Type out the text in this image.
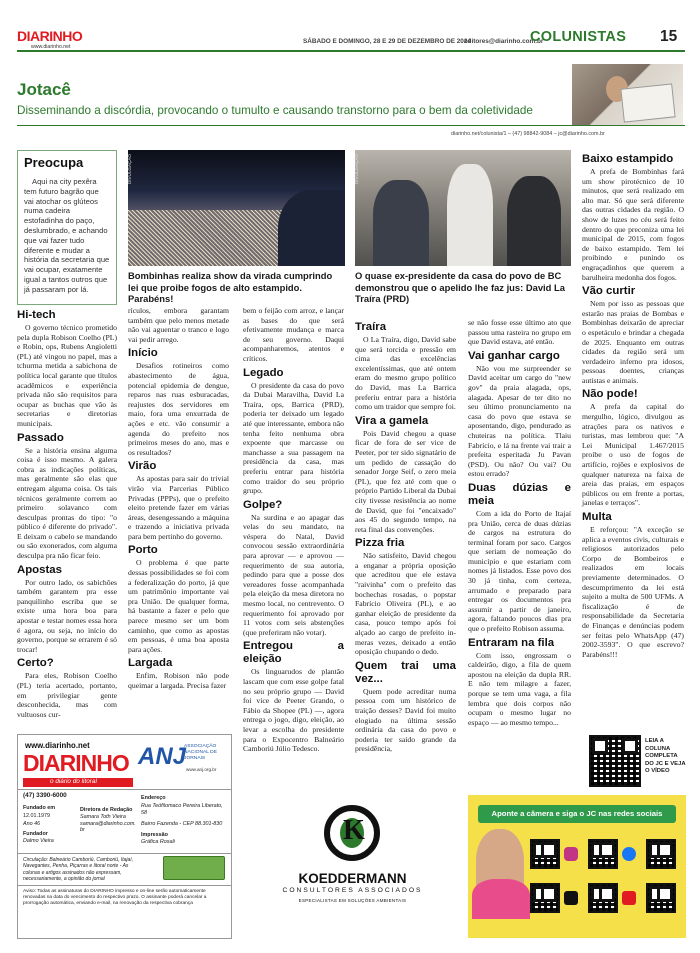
DIARINHO
www.diarinho.net
SÁBADO E DOMINGO, 28 E 29 DE DEZEMBRO DE 2024
editores@diarinho.com.br
COLUNISTAS 15
Jotacê
Disseminando a discórdia, provocando o tumulto e causando transtorno para o bem da coletividade
diarinho.net/colunista/1 – (47) 98842-9084 – jc@diarinho.com.br
Preocupa
Aqui na city pexêra tem futuro bagrão que vai atochar os glúteos numa cadeira estofadinha do paço, deslumbrado, e achando que vai fazer tudo diferente e mudar a história da secretaria que vai ocupar, exatamente igual a tantos outros que já passaram por lá.
DIVULGAÇÃO
Bombinhas realiza show da virada cumprindo lei que proibe fogos de alto estampido. Parabéns!
DIVULGAÇÃO
O quase ex-presidente da casa do povo de BC demonstrou que o apelido lhe faz jus: David La Traíra (PRD)
Hi-tech

O governo técnico prometido pela dupla Robison Coelho (PL) e Robin, ops, Rubens Angioletti (PL) até vingou no papel, mas a tchurma metida a sabichona de política local garante que títulos acadêmicos e experiência privada não são requisitos para ocupar as buchas que vão às secretarias e diretorias municipais.

Passado

Se a história ensina alguma coisa é isso mesmo. A galera cobra as indicações políticas, mas geralmente são elas que entregam alguma coisa. Os tais técnicos geralmente correm ao primeiro solavanco com desculpas prontas do tipo: "o público é diferente do privado". E deixam o cabelo se mandando ou são exonerados, com alguma desculpa pra não ficar feio.

Apostas

Por outro lado, os sabichões também garantem pra esse panquilinho escriba que se existe uma hora boa para apostar e testar nomes essa hora é agora, ou seja, no início do governo, porque se errarem é só trocar!

Certo?

Para eles, Robison Coelho (PL) teria acertado, portanto, em privilegiar gente desconhecida, mas com vultuosos cur-

rículos, embora garantam também que pelo menos metade não vai aguentar o tranco e logo vai pedir arrego.

Início

Desafios rotineiros como abastecimento de água, potencial epidemia de dengue, reparos nas ruas esburacadas, reajustes dos servidores em maio, fora uma enxurrada de ações e etc. vão consumir a agenda do prefeito nos primeiros meses do ano, mas e os resultados?

Virão

As apostas para sair do trivial virão via Parcerias Público Privadas (PPPs), que o prefeito eleito pretende fazer em várias áreas, desengessando a máquina e trazendo a iniciativa privada para bem pertinho do governo.

Porto

O problema é que parte dessas possibilidades se foi com a federalização do porto, já que um patrimônio importante vai pra União. De qualquer forma, há bastante a fazer e pelo que parece mesmo ser um bom caminho, que como as apostas em pessoas, é uma boa aposta para ações.

Largada

Enfim, Robison não pode queimar a largada. Precisa fazer

bem o feijão com arroz, e lançar as bases do que será efetivamente mudança e marca de seu governo. Daqui acompanharemos, atentos e críticos.

Legado

O presidente da casa do povo da Dubai Maravilha, David La Traíra, ops, Barrica (PRD), poderia ter deixado um legado até que interessante, embora não tenha feito nenhuma obra expoente que marcasse ou manchasse a sua passagem na presidência da casa, mas preferiu entrar para história como traidor do seu próprio grupo.

Golpe?

Na surdina e ao apagar das velas do seu mandato, na véspera do Natal, David convocou sessão extraordinária para aprovar — e aprovou — requerimento de sua autoria, pedindo para que a posse dos vereadores fosse acompanhada pela eleição da mesa diretora no mesmo local, no centrevento. O requerimento foi aprovado por 11 votos com seis abstenções (que preferiram não votar).

Entregou a eleição

Os linguarudos de plantão lascam que com esse golpe fatal no seu próprio grupo — David foi vice de Peeter Grando, o Fábio da Shopee (PL) —, agora entrega o jogo, digo, eleição, ao levar a escolha do presidente para o Expocentro Balneário Camboriú Júlio Tedesco.

Traíra

O La Traíra, digo, David sabe que será torcida e pressão em cima das excelências excelentíssimas, que até ontem eram do mesmo grupo político do David, mas La Barrica preferiu entrar para a história como um traidor que sempre foi.

Vira a gamela

Pois David chegou a quase ficar de fora de ser vice de Peeter, por ter sido signatário de um pedido de cassação do senador Jorge Seif, o zero meia (PL), que fez até com que o próprio Partido Liberal da Dubai city tivesse resistência ao nome de David, que foi "encaixado" aos 45 do segundo tempo, na reta final das convenções.

Pizza fria

Não satisfeito, David chegou a enganar a própria oposição que acreditou que ele estava "raivinha" com o prefeito das bochechas rosadas, o popstar Fabrício Oliveira (PL), e ao ganhar eleição de presidente da casa, pouco tempo após foi alçado ao cargo de prefeito in-meras vezes, deixado a então oposição chupando o dedo.

Quem trai uma vez...

Quem pode acreditar numa pessoa com um histórico de traição desses? David foi muito elogiado na última sessão ordinária da casa do povo e poderia ter saído grande da presidência,

se não fosse esse último ato que passou uma rasteira no grupo em que David estava, até então.

Vai ganhar cargo

Não vou me surpreender se David aceitar um cargo do "new gov" da praia alagada, ops, alagada. Apesar de ter dito no seu último pronunciamento na casa do povo que estava se aposentando, digo, pendurado as chuteiras na política. Tlaiu Fabrício, e lá na frente vai trair a prefeita esperitada Ju Pavan (PSD). Ou não? Ou vai? Ou estou errado?

Duas dúzias e meia

Com a ida do Porto de Itajaí pra União, cerca de duas dúzias de cargos na estrutura do terminal foram por saco. Cargos que seriam de nomeação do município e que estariam com nomes já listados. Esse povo dos 30 já tinha, com certeza, arrumado e preparado para entregar os documentos pra assumir a partir de janeiro, agora, faltando poucos dias pra que o prefeito Robison assuma.

Entraram na fila

Com isso, engrossam o caldeirão, digo, a fila de quem apostou na eleição da dupla RR. E não tem milagre a fazer, porque se tem uma vaga, a fila lembra que dois corpos não ocupam o mesmo lugar no espaço — ao mesmo tempo...

Baixo estampido

A prefa de Bombinhas fará um show pirotécnico de 10 minutos, que será realizado em alto mar. Só que será diferente das outras cidades da região. O show de luzes no céu será feito dentro do que preconiza uma lei municipal de 2015, com fogos de baixo estampido. Tem lei proibindo e punindo os engraçadinhos que querem a barulheira medonha dos fogos.

Vão curtir

Nem por isso as pessoas que estarão nas praias de Bombas e Bombinhas deixarão de apreciar o espetáculo e brindar a chegada de 2025. Enquanto em outras cidades da região será um verdadeiro inferno pra idosos, pessoas doentes, crianças autistas e animais.

Não pode!

A prefa da capital do mergulho, lógico, divulgou as atrações para os nativos e turistas, mas lembrou que: "A Lei Municipal 1.467/2015 proíbe o uso de fogos de artifício, rojões e explosivos de qualquer natureza na faixa de areia das praias, em espaços públicos ou em frente a portas, janelas e terraços".

Multa

E reforçou: "A exceção se aplica a eventos civis, culturais e religiosos autorizados pelo Corpo de Bombeiros e realizados em locais previamente determinados. O descumprimento da lei está sujeito a multa de 500 UFMs. A fiscalização é de responsabilidade da Secretaria de Finanças e denúncias podem ser feitas pelo WhatsApp (47) 2002-3593". O que escrevo? Parabéns!!!

LEIA A COLUNA COMPLETA DO JC E VEJA O VÍDEO
www.diarinho.net
DIARINHO
o diário do litoral
ANJ
ASSOCIAÇÃO NACIONAL DE JORNAIS
www.anj.org.br
(47) 3390-6000
Fundado em
12.01.1979
Ano 46
Fundador
Dalmo Vieira
Diretora de Redação
Samara Toth Vieira
samara@diarinho.com.br
Endereço
Rua Teófilomaco Pereira Liberato, 58
Bairro Fazenda - CEP 88.301-830
Impressão
Gráfica Rosali
Circulação: Balneário Camboriú, Camboriú, Itajaí, Navegantes, Penha, Piçarras e litoral norte - As colunas e artigos assinados não expressam, necessariamente, a opinião do jornal
Aviso: Todas as assinaturas do DIARINHO impresso e on-line serão automaticamente renovadas na data do vencimento do respectivo prazo. O assinante poderá cancelar a prorrogação automática, enviando e-mail, na renovação da respectiva cobrança
K
KOEDDERMANN
CONSULTORES ASSOCIADOS
ESPECIALISTAS EM SOLUÇÕES AMBIENTAIS
Aponte a câmera e siga o JC nas redes sociais
